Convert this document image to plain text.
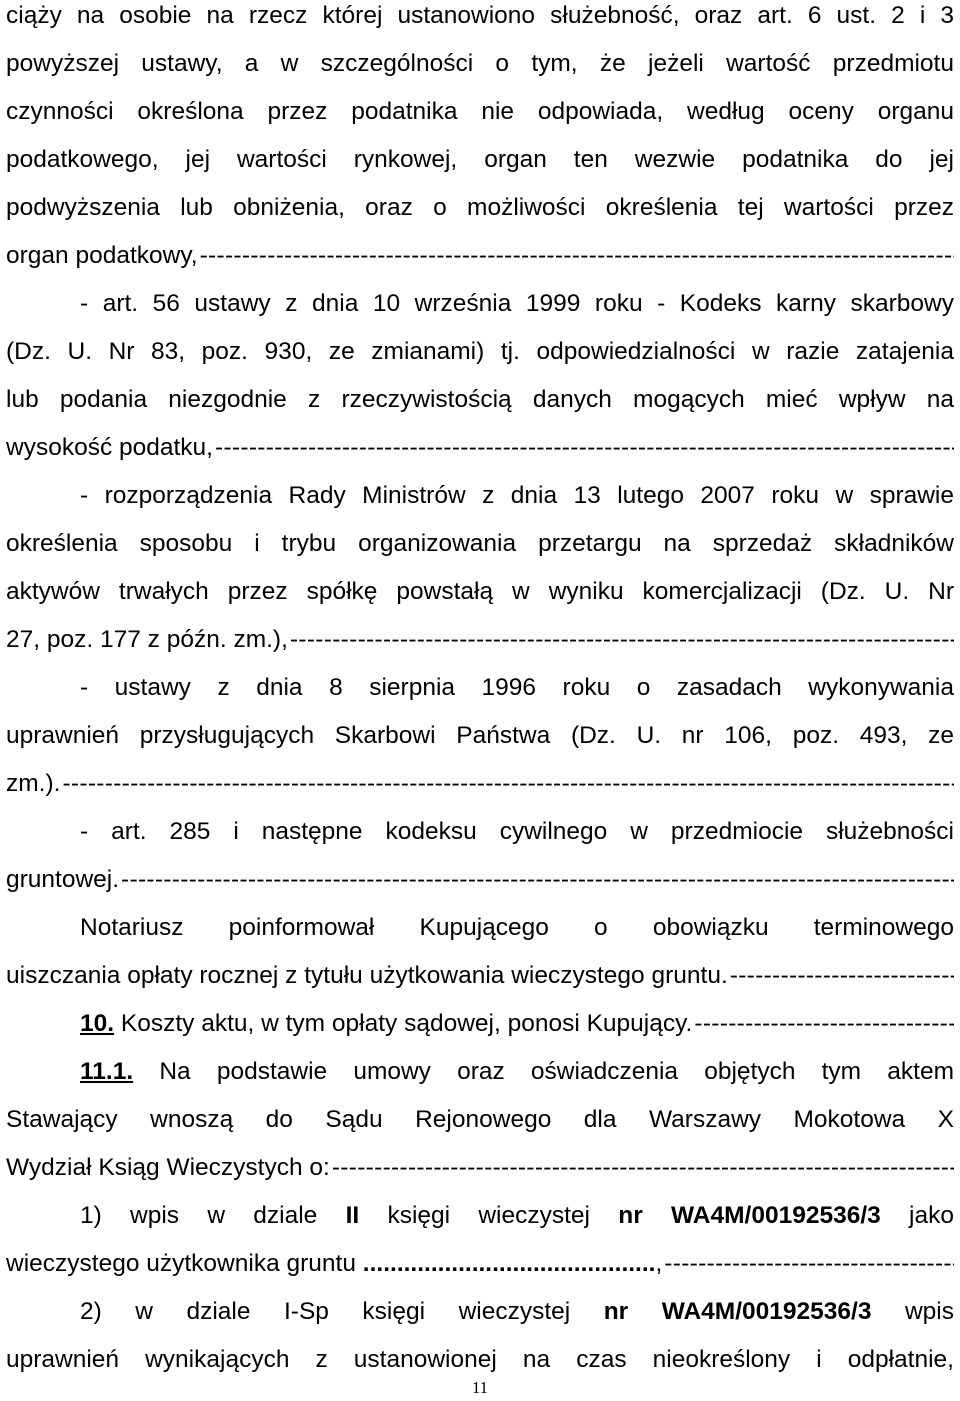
ciąży na osobie na rzecz której ustanowiono służebność, oraz art. 6 ust. 2 i 3
powyższej ustawy, a w szczególności o tym, że jeżeli wartość przedmiotu
czynności określona przez podatnika nie odpowiada, według oceny organu
podatkowego, jej wartości rynkowej, organ ten wezwie podatnika do jej
podwyższenia lub obniżenia, oraz o możliwości określenia tej wartości przez
organ podatkowy,
-----
- art. 56 ustawy z dnia 10 września 1999 roku - Kodeks karny skarbowy
(Dz. U. Nr 83, poz. 930, ze zmianami) tj. odpowiedzialności w razie zatajenia
lub podania niezgodnie z rzeczywistością danych mogących mieć wpływ na
wysokość podatku,
-----
- rozporządzenia Rady Ministrów z dnia 13 lutego 2007 roku w sprawie
określenia sposobu i trybu organizowania przetargu na sprzedaż składników
aktywów trwałych przez spółkę powstałą w wyniku komercjalizacji (Dz. U. Nr
27, poz. 177 z późn. zm.),
-----
- ustawy z dnia 8 sierpnia 1996 roku o zasadach wykonywania
uprawnień przysługujących Skarbowi Państwa (Dz. U. nr 106, poz. 493, ze
zm.).
-----
- art. 285 i następne kodeksu cywilnego w przedmiocie służebności
gruntowej.
-----
Notariusz poinformował Kupującego o obowiązku terminowego
uiszczania opłaty rocznej z tytułu użytkowania wieczystego gruntu.
-----
10. Koszty aktu, w tym opłaty sądowej, ponosi Kupujący.
-----
11.1. Na podstawie umowy oraz oświadczenia objętych tym aktem
Stawający wnoszą do Sądu Rejonowego dla Warszawy Mokotowa X
Wydział Ksiąg Wieczystych o:
-----
1) wpis w dziale II księgi wieczystej nr WA4M/00192536/3 jako
wieczystego użytkownika gruntu ...........................................,
-----
2) w dziale I-Sp księgi wieczystej nr WA4M/00192536/3 wpis
uprawnień wynikających z ustanowionej na czas nieokreślony i odpłatnie,
11
